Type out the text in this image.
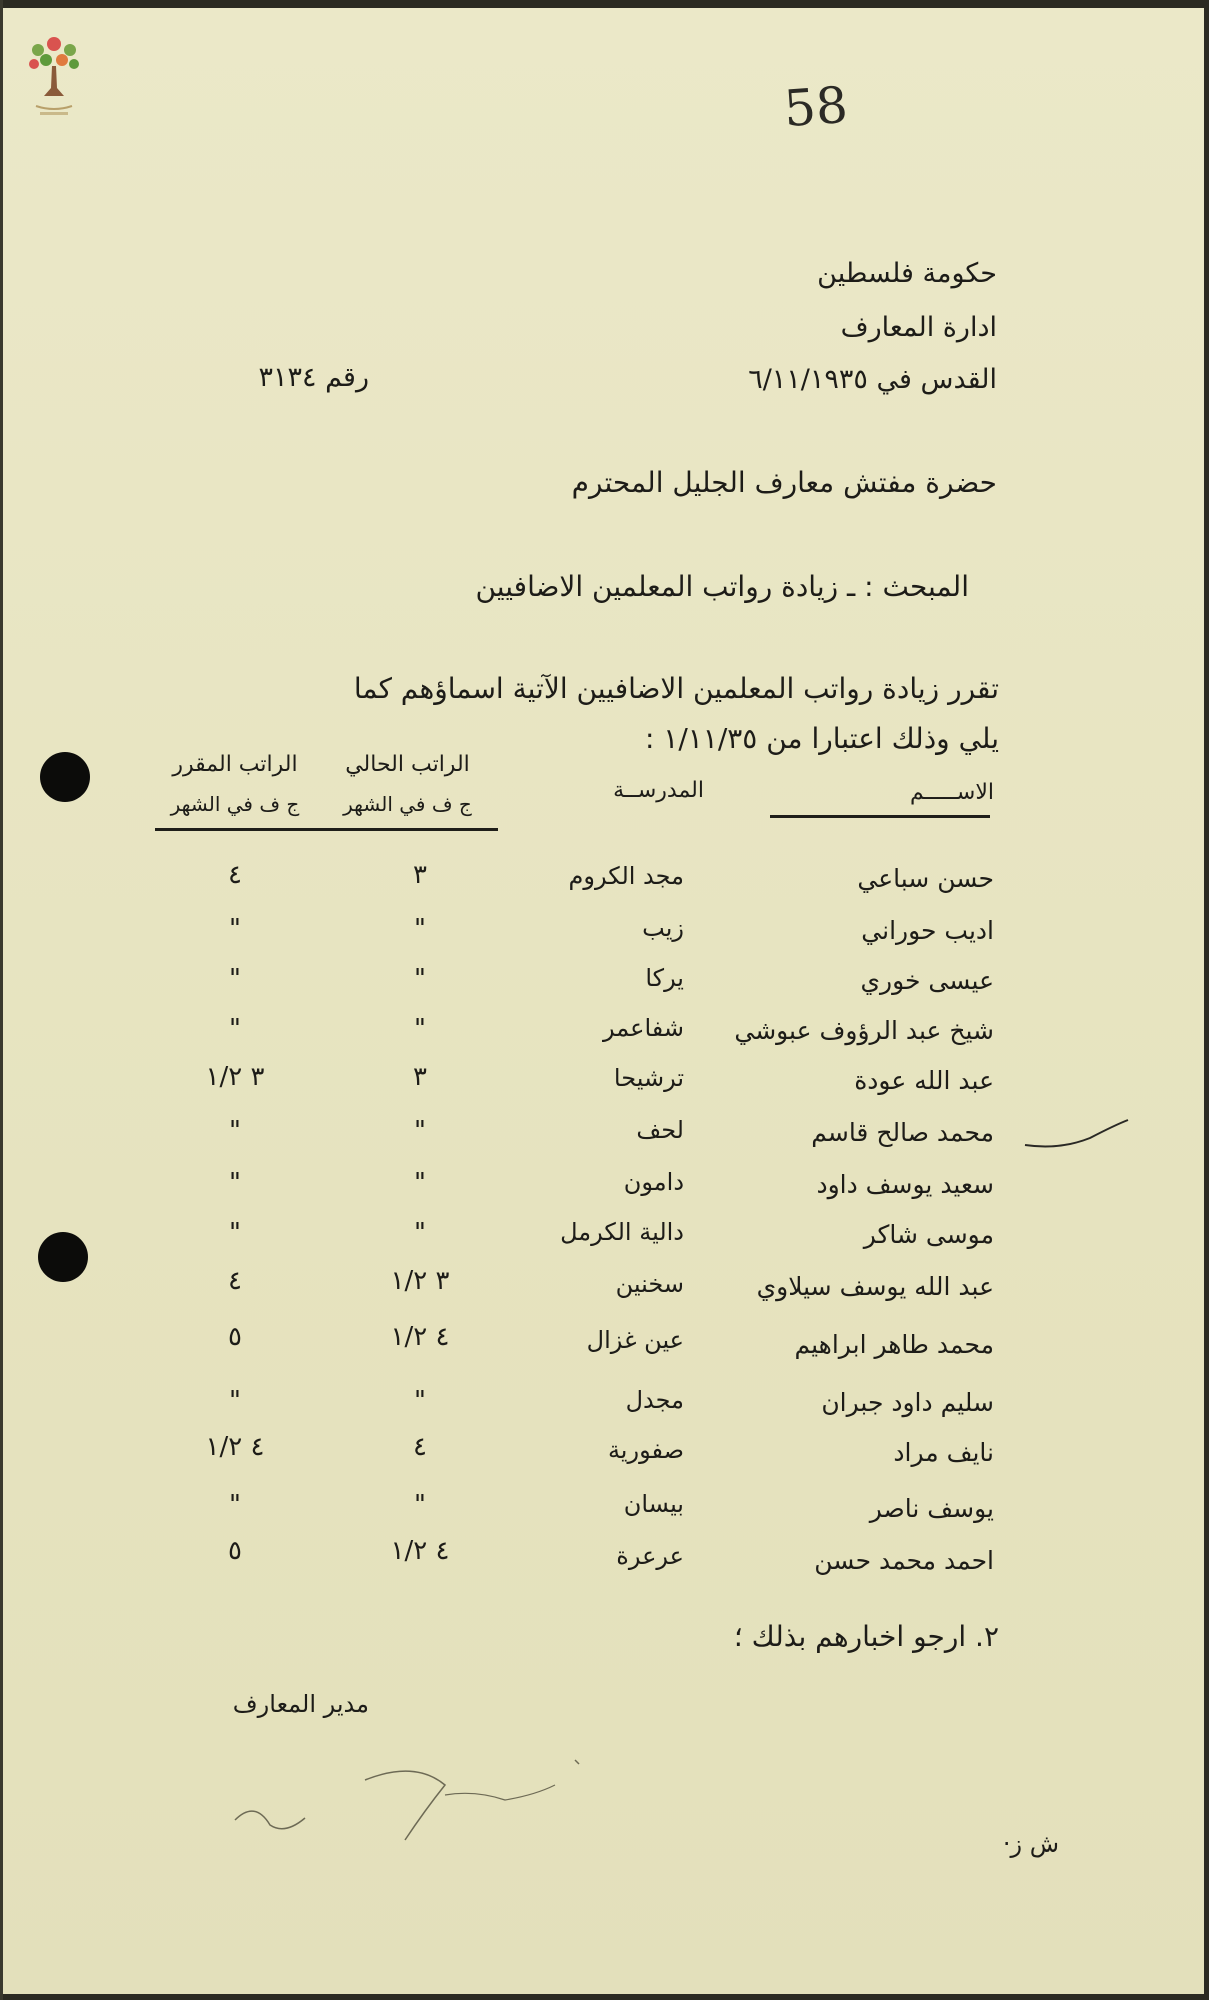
58
حكومة فلسطين
ادارة المعارف
القدس في ٦/١١/١٩٣٥
رقم ٣١٣٤
حضرة مفتش معارف الجليل المحترم
المبحث : ـ زيادة رواتب المعلمين الاضافيين
تقرر زيادة رواتب المعلمين الاضافيين الآتية اسماؤهم كما
يلي وذلك اعتبارا من ١/١١/٣٥ :
الاســـــم
المدرســة
الراتب الحالي
ج ف في الشهر
الراتب المقرر
ج ف في الشهر
حسن سباعي
مجد الكروم
٣
٤
اديب حوراني
زيب
"
"
عيسى خوري
يركا
"
"
شيخ عبد الرؤوف عبوشي
شفاعمر
"
"
عبد الله عودة
ترشيحا
٣
٣ ١/٢
محمد صالح قاسم
لحف
"
"
سعيد يوسف داود
دامون
"
"
موسى شاكر
دالية الكرمل
"
"
عبد الله يوسف سيلاوي
سخنين
٣ ١/٢
٤
محمد طاهر ابراهيم
عين غزال
٤ ١/٢
٥
سليم داود جبران
مجدل
"
"
نايف مراد
صفورية
٤
٤ ١/٢
يوسف ناصر
بيسان
"
"
احمد محمد حسن
عرعرة
٤ ١/٢
٥
٢. ارجو اخبارهم بذلك ؛
مدير المعارف
ش ز·
